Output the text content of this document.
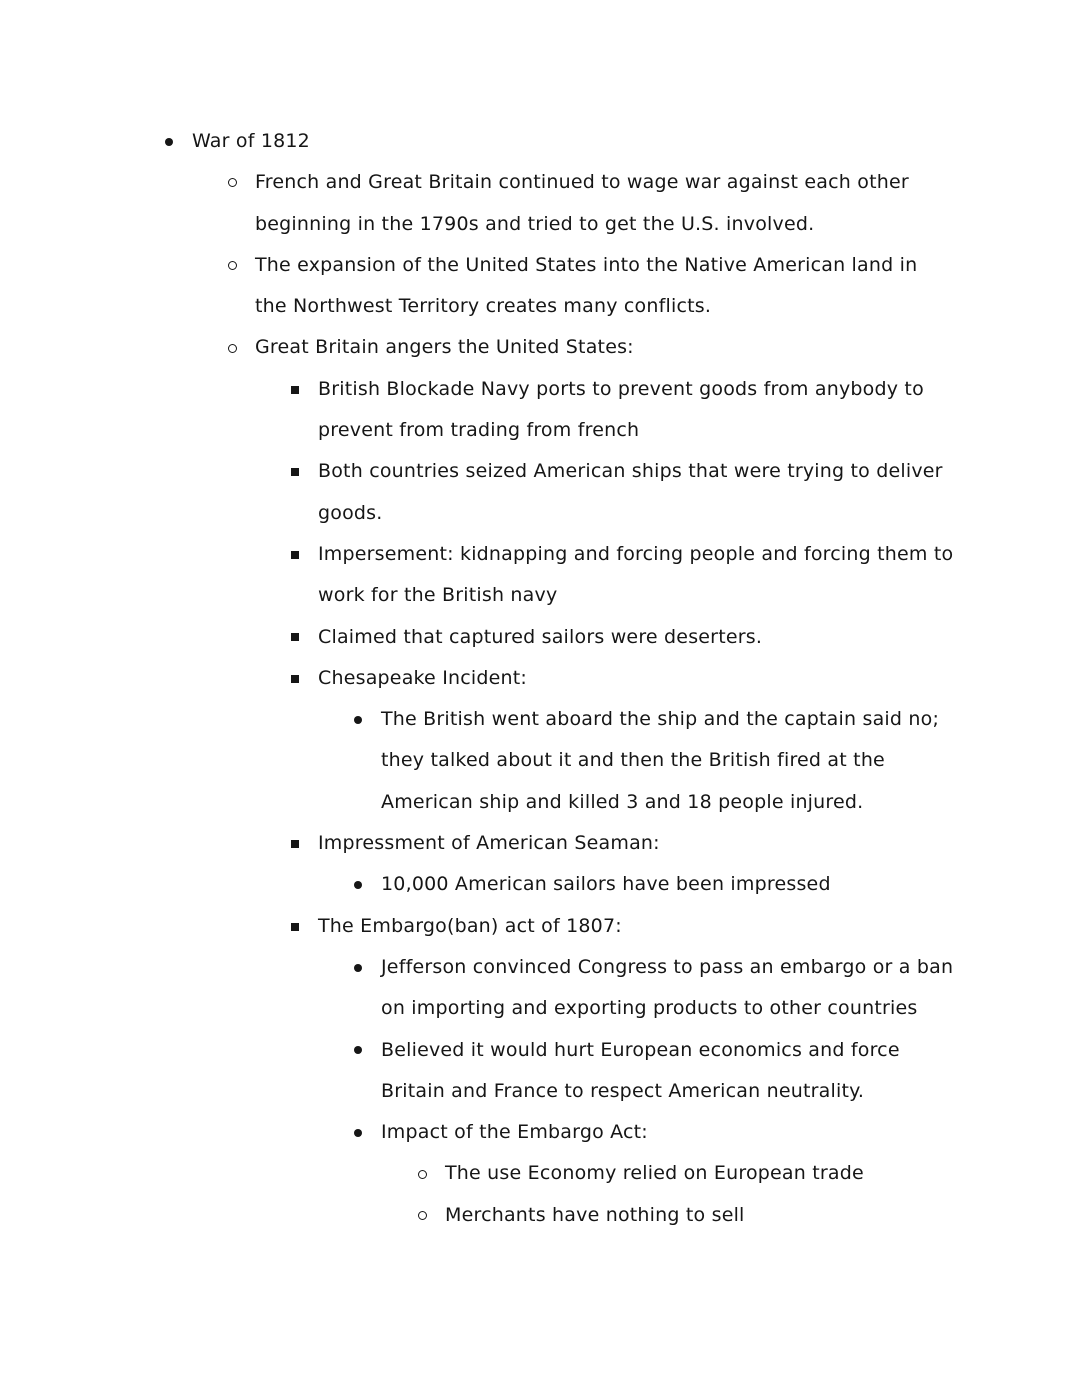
War of 1812
French and Great Britain continued to wage war against each other beginning in the 1790s and tried to get the U.S. involved.
The expansion of the United States into the Native American land in the Northwest Territory creates many conflicts.
Great Britain angers the United States:
British Blockade Navy ports to prevent goods from anybody to prevent from trading from french
Both countries seized American ships that were trying to deliver goods.
Impersement: kidnapping and forcing people and forcing them to work for the British navy
Claimed that captured sailors were deserters.
Chesapeake Incident:
The British went aboard the ship and the captain said no; they talked about it and then the British fired at the American ship and killed 3 and 18 people injured.
Impressment of American Seaman:
10,000 American sailors have been impressed
The Embargo(ban) act of 1807:
Jefferson convinced Congress to pass an embargo or a ban on importing and exporting products to other countries
Believed it would hurt European economics and force Britain and France to respect American neutrality.
Impact of the Embargo Act:
The use Economy relied on European trade
Merchants have nothing to sell
